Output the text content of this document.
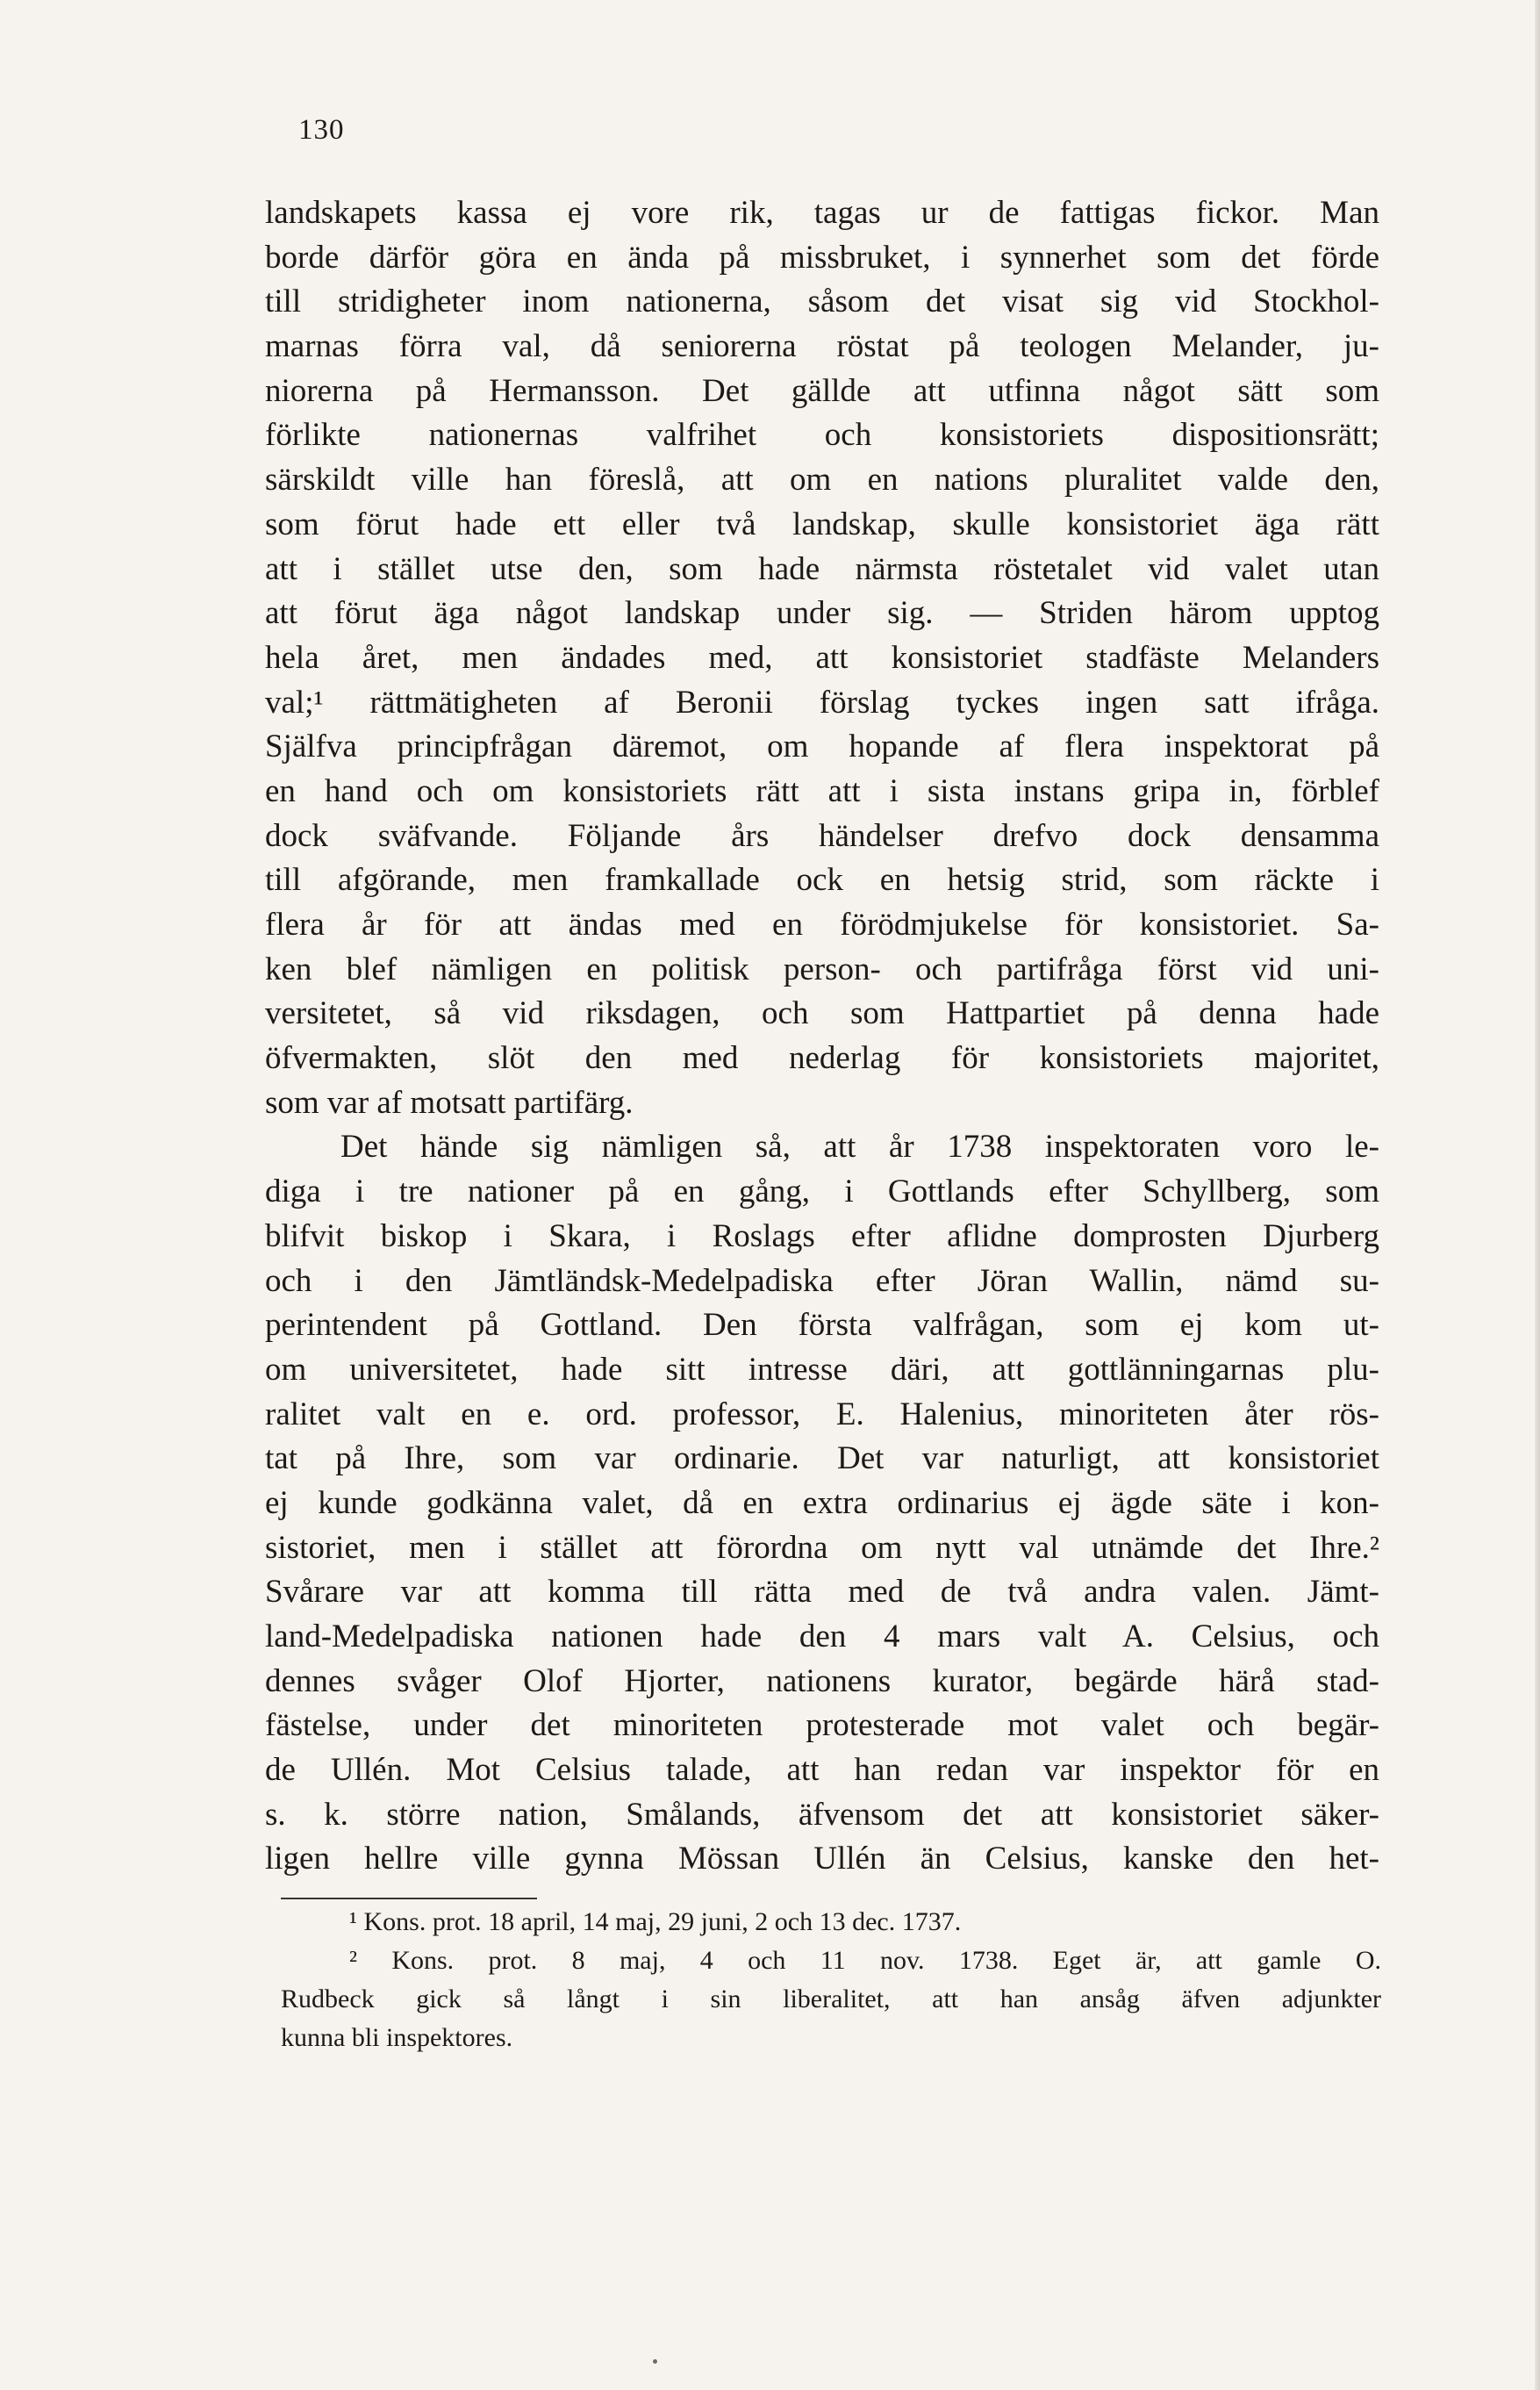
130
landskapets kassa ej vore rik, tagas ur de fattigas fickor. Man
borde därför göra en ända på missbruket, i synnerhet som det förde
till stridigheter inom nationerna, såsom det visat sig vid Stockhol-
marnas förra val, då seniorerna röstat på teologen Melander, ju-
niorerna på Hermansson. Det gällde att utfinna något sätt som
förlikte nationernas valfrihet och konsistoriets dispositionsrätt;
särskildt ville han föreslå, att om en nations pluralitet valde den,
som förut hade ett eller två landskap, skulle konsistoriet äga rätt
att i stället utse den, som hade närmsta röstetalet vid valet utan
att förut äga något landskap under sig. — Striden härom upptog
hela året, men ändades med, att konsistoriet stadfäste Melanders
val;¹ rättmätigheten af Beronii förslag tyckes ingen satt ifråga.
Själfva principfrågan däremot, om hopande af flera inspektorat på
en hand och om konsistoriets rätt att i sista instans gripa in, förblef
dock sväfvande. Följande års händelser drefvo dock densamma
till afgörande, men framkallade ock en hetsig strid, som räckte i
flera år för att ändas med en förödmjukelse för konsistoriet. Sa-
ken blef nämligen en politisk person- och partifråga först vid uni-
versitetet, så vid riksdagen, och som Hattpartiet på denna hade
öfvermakten, slöt den med nederlag för konsistoriets majoritet,
som var af motsatt partifärg.
Det hände sig nämligen så, att år 1738 inspektoraten voro le-
diga i tre nationer på en gång, i Gottlands efter Schyllberg, som
blifvit biskop i Skara, i Roslags efter aflidne domprosten Djurberg
och i den Jämtländsk-Medelpadiska efter Jöran Wallin, nämd su-
perintendent på Gottland. Den första valfrågan, som ej kom ut-
om universitetet, hade sitt intresse däri, att gottlänningarnas plu-
ralitet valt en e. ord. professor, E. Halenius, minoriteten åter rös-
tat på Ihre, som var ordinarie. Det var naturligt, att konsistoriet
ej kunde godkänna valet, då en extra ordinarius ej ägde säte i kon-
sistoriet, men i stället att förordna om nytt val utnämde det Ihre.²
Svårare var att komma till rätta med de två andra valen. Jämt-
land-Medelpadiska nationen hade den 4 mars valt A. Celsius, och
dennes svåger Olof Hjorter, nationens kurator, begärde härå stad-
fästelse, under det minoriteten protesterade mot valet och begär-
de Ullén. Mot Celsius talade, att han redan var inspektor för en
s. k. större nation, Smålands, äfvensom det att konsistoriet säker-
ligen hellre ville gynna Mössan Ullén än Celsius, kanske den het-
¹ Kons. prot. 18 april, 14 maj, 29 juni, 2 och 13 dec. 1737.
² Kons. prot. 8 maj, 4 och 11 nov. 1738. Eget är, att gamle O.
Rudbeck gick så långt i sin liberalitet, att han ansåg äfven adjunkter
kunna bli inspektores.
